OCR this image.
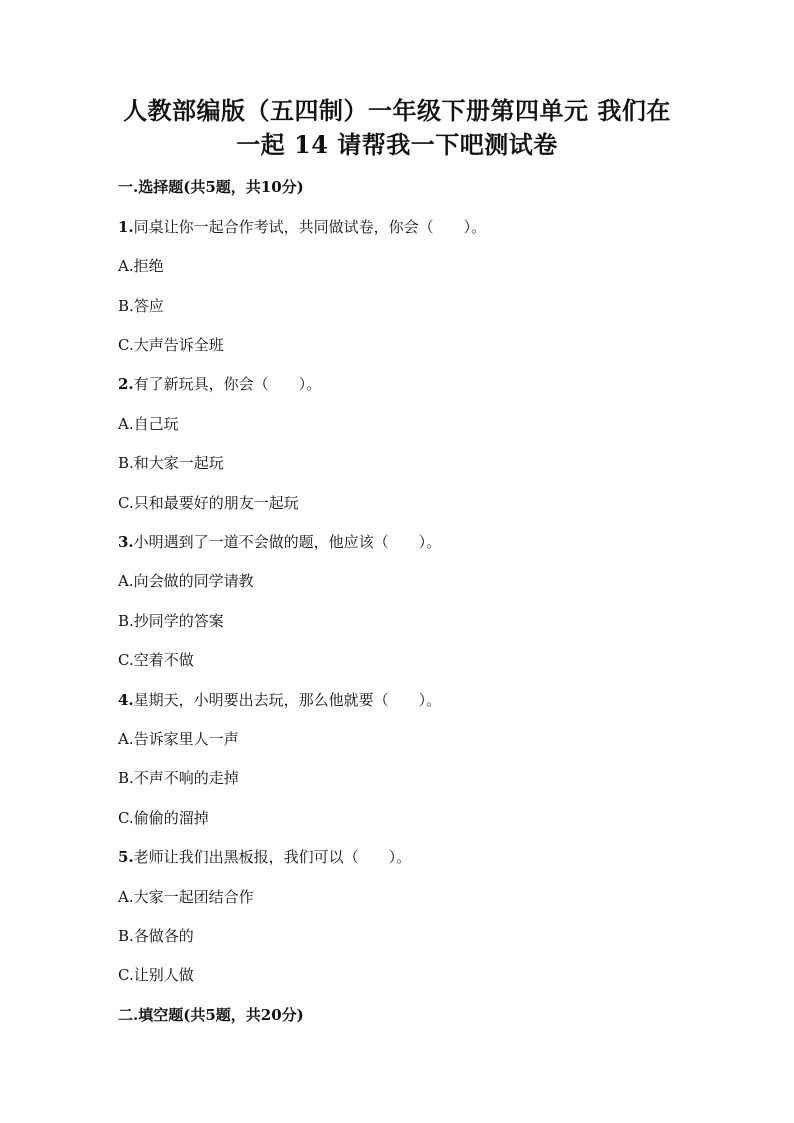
人教部编版（五四制）一年级下册第四单元 我们在
一起 14 请帮我一下吧测试卷
一.选择题(共5题，共10分)
1.同桌让你一起合作考试，共同做试卷，你会（　　）。
A.拒绝
B.答应
C.大声告诉全班
2.有了新玩具，你会（　　）。
A.自己玩
B.和大家一起玩
C.只和最要好的朋友一起玩
3.小明遇到了一道不会做的题，他应该（　　）。
A.向会做的同学请教
B.抄同学的答案
C.空着不做
4.星期天，小明要出去玩，那么他就要（　　）。
A.告诉家里人一声
B.不声不响的走掉
C.偷偷的溜掉
5.老师让我们出黑板报，我们可以（　　）。
A.大家一起团结合作
B.各做各的
C.让别人做
二.填空题(共5题，共20分)
